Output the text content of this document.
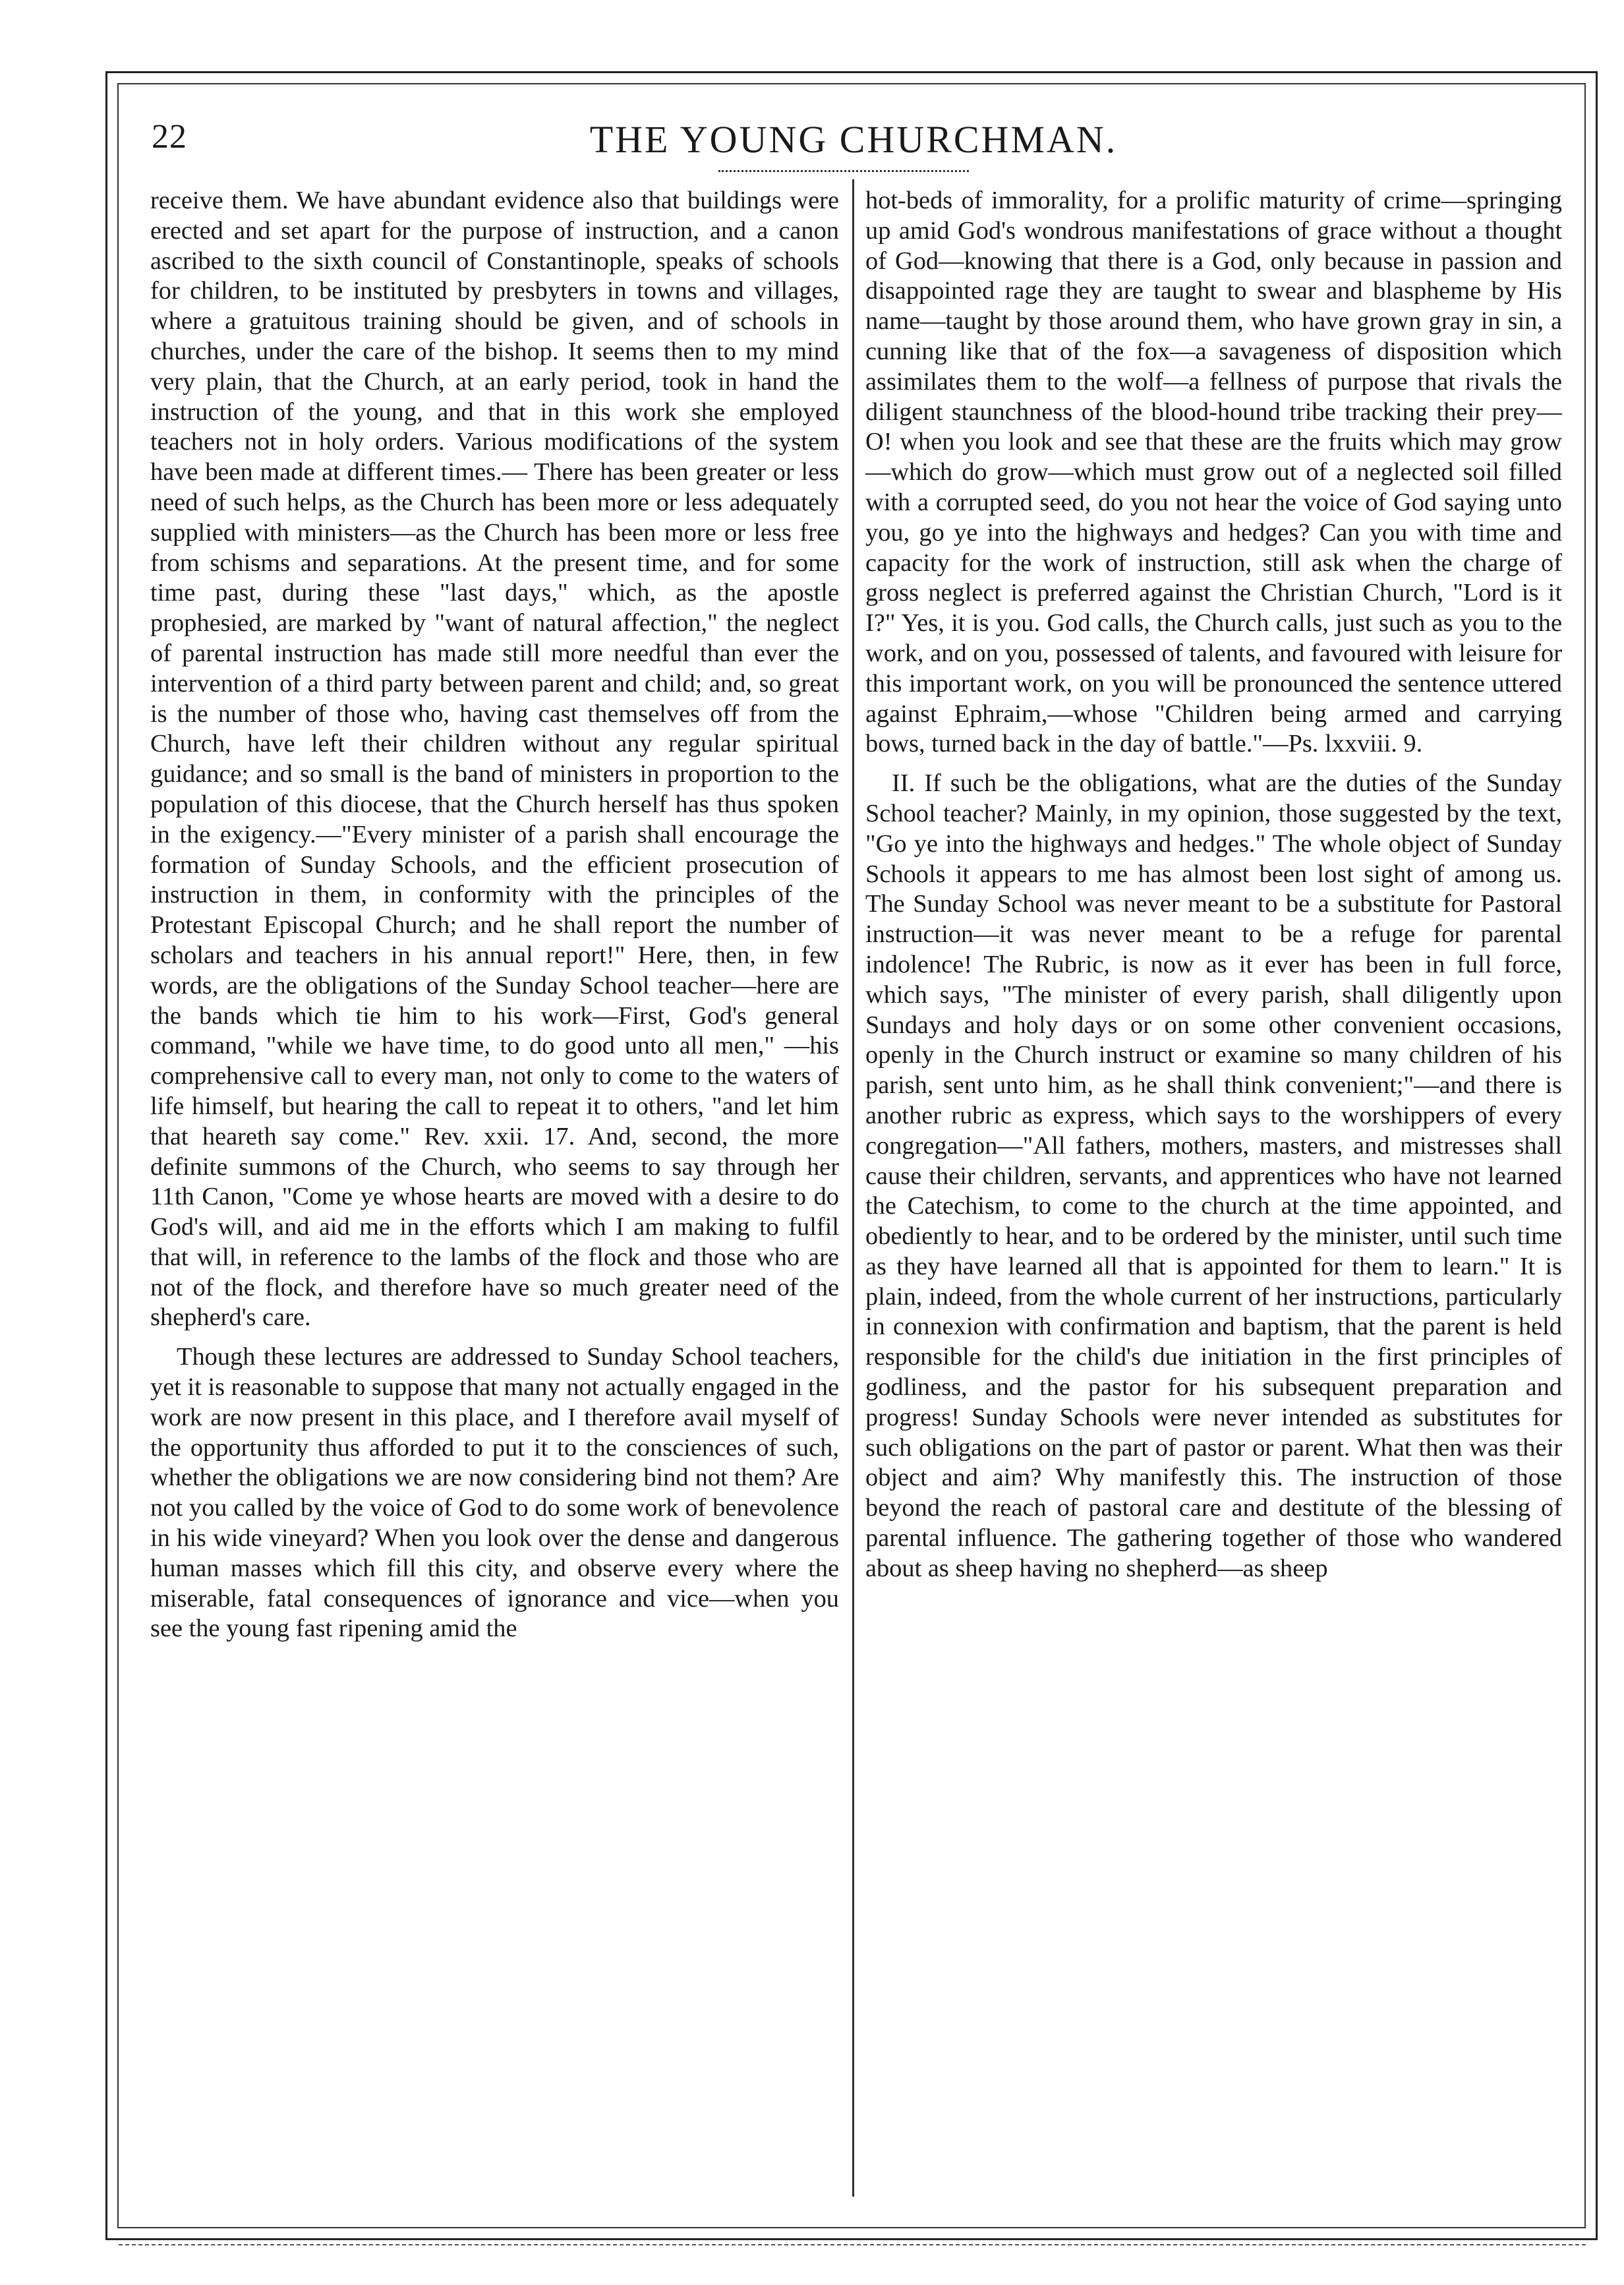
22	THE YOUNG CHURCHMAN.

receive them. We have abundant evidence also that buildings were erected and set apart for the purpose of instruction, and a canon ascribed to the sixth council of Constantinople, speaks of schools for children, to be instituted by presbyters in towns and villages, where a gratuitous training should be given, and of schools in churches, under the care of the bishop. It seems then to my mind very plain, that the Church, at an early period, took in hand the instruction of the young, and that in this work she employed teachers not in holy orders. Various modifications of the system have been made at different times.— There has been greater or less need of such helps, as the Church has been more or less adequately supplied with ministers—as the Church has been more or less free from schisms and separations. At the present time, and for some time past, during these "last days," which, as the apostle prophesied, are marked by "want of natural affection," the neglect of parental instruction has made still more needful than ever the intervention of a third party between parent and child; and, so great is the number of those who, having cast themselves off from the Church, have left their children without any regular spiritual guidance; and so small is the band of ministers in proportion to the population of this diocese, that the Church herself has thus spoken in the exigency.—"Every minister of a parish shall encourage the formation of Sunday Schools, and the efficient prosecution of instruction in them, in conformity with the principles of the Protestant Episcopal Church; and he shall report the number of scholars and teachers in his annual report!" Here, then, in few words, are the obligations of the Sunday School teacher—here are the bands which tie him to his work—First, God's general command, "while we have time, to do good unto all men," —his comprehensive call to every man, not only to come to the waters of life himself, but hearing the call to repeat it to others, "and let him that heareth say come." Rev. xxii. 17. And, second, the more definite summons of the Church, who seems to say through her 11th Canon, "Come ye whose hearts are moved with a desire to do God's will, and aid me in the efforts which I am making to fulfil that will, in reference to the lambs of the flock and those who are not of the flock, and therefore have so much greater need of the shepherd's care.

Though these lectures are addressed to Sunday School teachers, yet it is reasonable to suppose that many not actually engaged in the work are now present in this place, and I therefore avail myself of the opportunity thus afforded to put it to the consciences of such, whether the obligations we are now considering bind not them? Are not you called by the voice of God to do some work of benevolence in his wide vineyard? When you look over the dense and dangerous human masses which fill this city, and observe every where the miserable, fatal consequences of ignorance and vice—when you see the young fast ripening amid the

hot-beds of immorality, for a prolific maturity of crime—springing up amid God's wondrous manifestations of grace without a thought of God—knowing that there is a God, only because in passion and disappointed rage they are taught to swear and blaspheme by His name—taught by those around them, who have grown gray in sin, a cunning like that of the fox—a savageness of disposition which assimilates them to the wolf—a fellness of purpose that rivals the diligent staunchness of the blood-hound tribe tracking their prey—O! when you look and see that these are the fruits which may grow—which do grow—which must grow out of a neglected soil filled with a corrupted seed, do you not hear the voice of God saying unto you, go ye into the highways and hedges? Can you with time and capacity for the work of instruction, still ask when the charge of gross neglect is preferred against the Christian Church, "Lord is it I?" Yes, it is you. God calls, the Church calls, just such as you to the work, and on you, possessed of talents, and favoured with leisure for this important work, on you will be pronounced the sentence uttered against Ephraim,—whose "Children being armed and carrying bows, turned back in the day of battle."—Ps. lxxviii. 9.

II. If such be the obligations, what are the duties of the Sunday School teacher? Mainly, in my opinion, those suggested by the text, "Go ye into the highways and hedges." The whole object of Sunday Schools it appears to me has almost been lost sight of among us. The Sunday School was never meant to be a substitute for Pastoral instruction—it was never meant to be a refuge for parental indolence! The Rubric, is now as it ever has been in full force, which says, "The minister of every parish, shall diligently upon Sundays and holy days or on some other convenient occasions, openly in the Church instruct or examine so many children of his parish, sent unto him, as he shall think convenient;"—and there is another rubric as express, which says to the worshippers of every congregation—"All fathers, mothers, masters, and mistresses shall cause their children, servants, and apprentices who have not learned the Catechism, to come to the church at the time appointed, and obediently to hear, and to be ordered by the minister, until such time as they have learned all that is appointed for them to learn." It is plain, indeed, from the whole current of her instructions, particularly in connexion with confirmation and baptism, that the parent is held responsible for the child's due initiation in the first principles of godliness, and the pastor for his subsequent preparation and progress! Sunday Schools were never intended as substitutes for such obligations on the part of pastor or parent. What then was their object and aim? Why manifestly this. The instruction of those beyond the reach of pastoral care and destitute of the blessing of parental influence. The gathering together of those who wandered about as sheep having no shepherd—as sheep
